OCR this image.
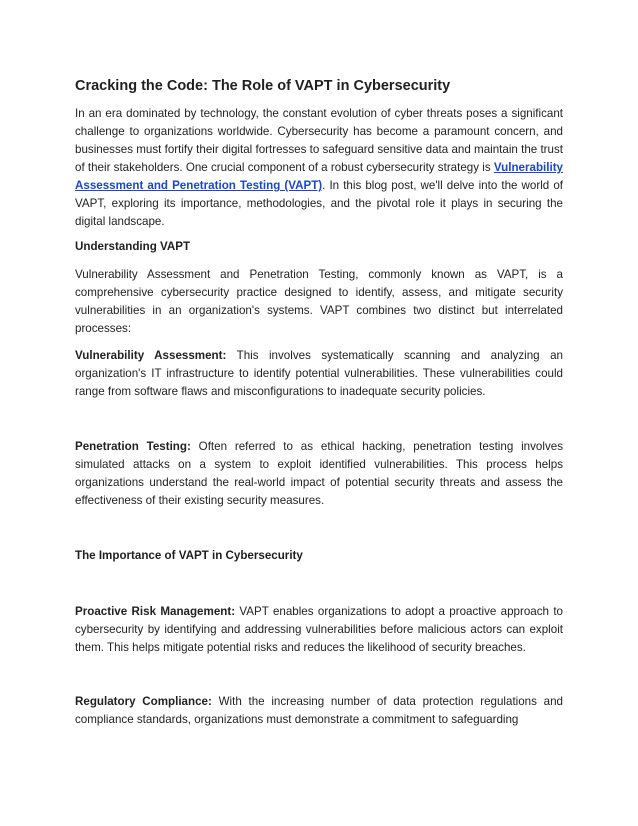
Cracking the Code: The Role of VAPT in Cybersecurity

In an era dominated by technology, the constant evolution of cyber threats poses a significant challenge to organizations worldwide. Cybersecurity has become a paramount concern, and businesses must fortify their digital fortresses to safeguard sensitive data and maintain the trust of their stakeholders. One crucial component of a robust cybersecurity strategy is Vulnerability Assessment and Penetration Testing (VAPT). In this blog post, we'll delve into the world of VAPT, exploring its importance, methodologies, and the pivotal role it plays in securing the digital landscape.

Understanding VAPT

Vulnerability Assessment and Penetration Testing, commonly known as VAPT, is a comprehensive cybersecurity practice designed to identify, assess, and mitigate security vulnerabilities in an organization's systems. VAPT combines two distinct but interrelated processes:

Vulnerability Assessment: This involves systematically scanning and analyzing an organization's IT infrastructure to identify potential vulnerabilities. These vulnerabilities could range from software flaws and misconfigurations to inadequate security policies.

Penetration Testing: Often referred to as ethical hacking, penetration testing involves simulated attacks on a system to exploit identified vulnerabilities. This process helps organizations understand the real-world impact of potential security threats and assess the effectiveness of their existing security measures.

The Importance of VAPT in Cybersecurity

Proactive Risk Management: VAPT enables organizations to adopt a proactive approach to cybersecurity by identifying and addressing vulnerabilities before malicious actors can exploit them. This helps mitigate potential risks and reduces the likelihood of security breaches.

Regulatory Compliance: With the increasing number of data protection regulations and compliance standards, organizations must demonstrate a commitment to safeguarding
